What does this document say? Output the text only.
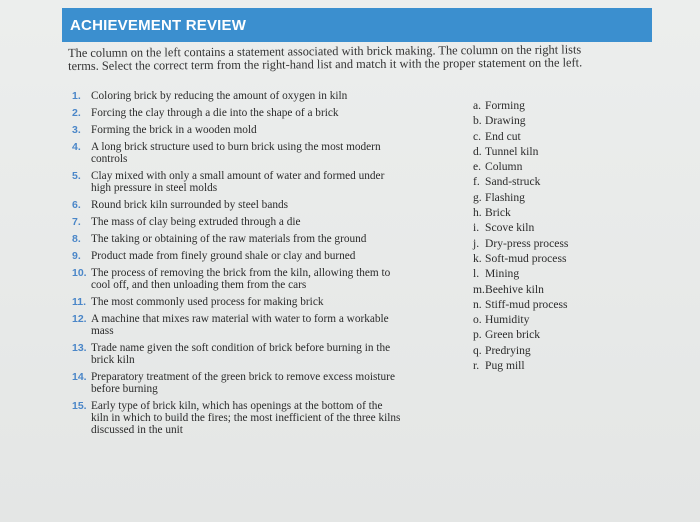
ACHIEVEMENT REVIEW
The column on the left contains a statement associated with brick making. The column on the right lists terms. Select the correct term from the right-hand list and match it with the proper statement on the left.
1. Coloring brick by reducing the amount of oxygen in kiln
2. Forcing the clay through a die into the shape of a brick
3. Forming the brick in a wooden mold
4. A long brick structure used to burn brick using the most modern controls
5. Clay mixed with only a small amount of water and formed under high pressure in steel molds
6. Round brick kiln surrounded by steel bands
7. The mass of clay being extruded through a die
8. The taking or obtaining of the raw materials from the ground
9. Product made from finely ground shale or clay and burned
10. The process of removing the brick from the kiln, allowing them to cool off, and then unloading them from the cars
11. The most commonly used process for making brick
12. A machine that mixes raw material with water to form a workable mass
13. Trade name given the soft condition of brick before burning in the brick kiln
14. Preparatory treatment of the green brick to remove excess moisture before burning
15. Early type of brick kiln, which has openings at the bottom of the kiln in which to build the fires; the most inefficient of the three kilns discussed in the unit
a. Forming
b. Drawing
c. End cut
d. Tunnel kiln
e. Column
f. Sand-struck
g. Flashing
h. Brick
i. Scove kiln
j. Dry-press process
k. Soft-mud process
l. Mining
m. Beehive kiln
n. Stiff-mud process
o. Humidity
p. Green brick
q. Predrying
r. Pug mill
